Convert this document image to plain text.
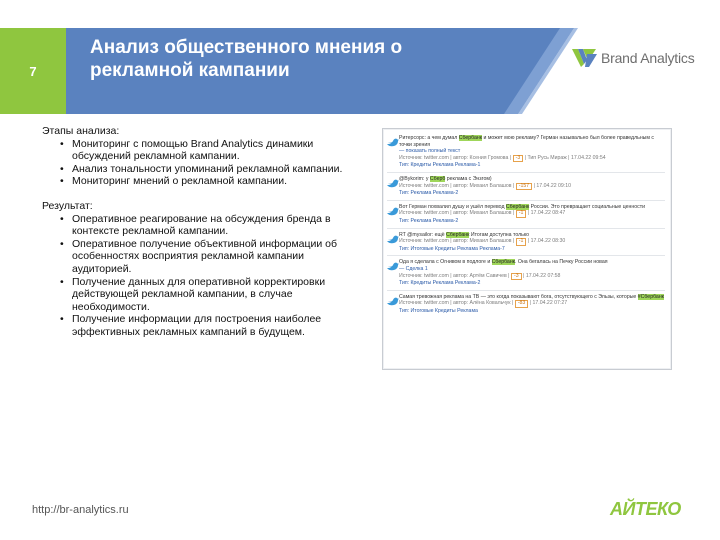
7
Анализ общественного мнения о рекламной кампании
Brand Analytics
Этапы анализа:
• Мониторинг с помощью Brand Analytics динамики обсуждений рекламной кампании.
• Анализ тональности упоминаний рекламной кампании.
• Мониторинг мнений о рекламной кампании.
Результат:
• Оперативное реагирование на обсуждения бренда в контексте рекламной кампании.
• Оперативное получение объективной информации об особенностях восприятия рекламной кампании аудиторией.
• Получение данных для оперативной корректировки действующей рекламной кампании, в случае необходимости.
• Получение информации для построения наиболее эффективных рекламных кампаний в будущем.
Ритерсорс: а чем думал Сбербанк и может мою рекламу? Герман назывально был более праведльным с точки зрения
— показать полный текст
Источник: twitter.com | автор: Ксения Громова | -3 | Тип Русь Мираж | 17.04.22 09:54
Тип: Кредиты Реклама Реклама-1
@Bykorim: у Сберб реклама с Энзгом)
Источник: twitter.com | автор: Михаил Балашов | -157 | 17.04.22 09:10
Тип: Реклама Реклама-2
Вот Герман похвалил душу и ушёл перевод Сбербанк России. Это превращает социальные ценности
Источник: twitter.com | автор: Михаил Балашов | -1 | 17.04.22 08:47
Тип: Реклама Реклама-2
RT @mysailor: ещё Сбербанк Итогам доступна только
Источник: twitter.com | автор: Михаил Балашов | -1 | 17.04.22 08:30
Тип: Итоговые Кредиты Реклама Реклама-7
Ода я сделала с Огнивом в подлоге и Сбербанк. Она бегалась на Печку России новая
— Сделка 1
Источник: twitter.com | автор: Артём Савичев | -3 | 17.04.22 07:58
Тип: Кредиты Реклама Реклама-2
Самая тревожная реклама на TB — это когда показывают бога, отсутствующего с Эльзы, которые #Сбербанк
Источник: twitter.com | автор: Алёна Ковальчук | -83 | 17.04.22 07:27
Тип: Итоговые Кредиты Реклама
http://br-analytics.ru	АЙТЕКО
